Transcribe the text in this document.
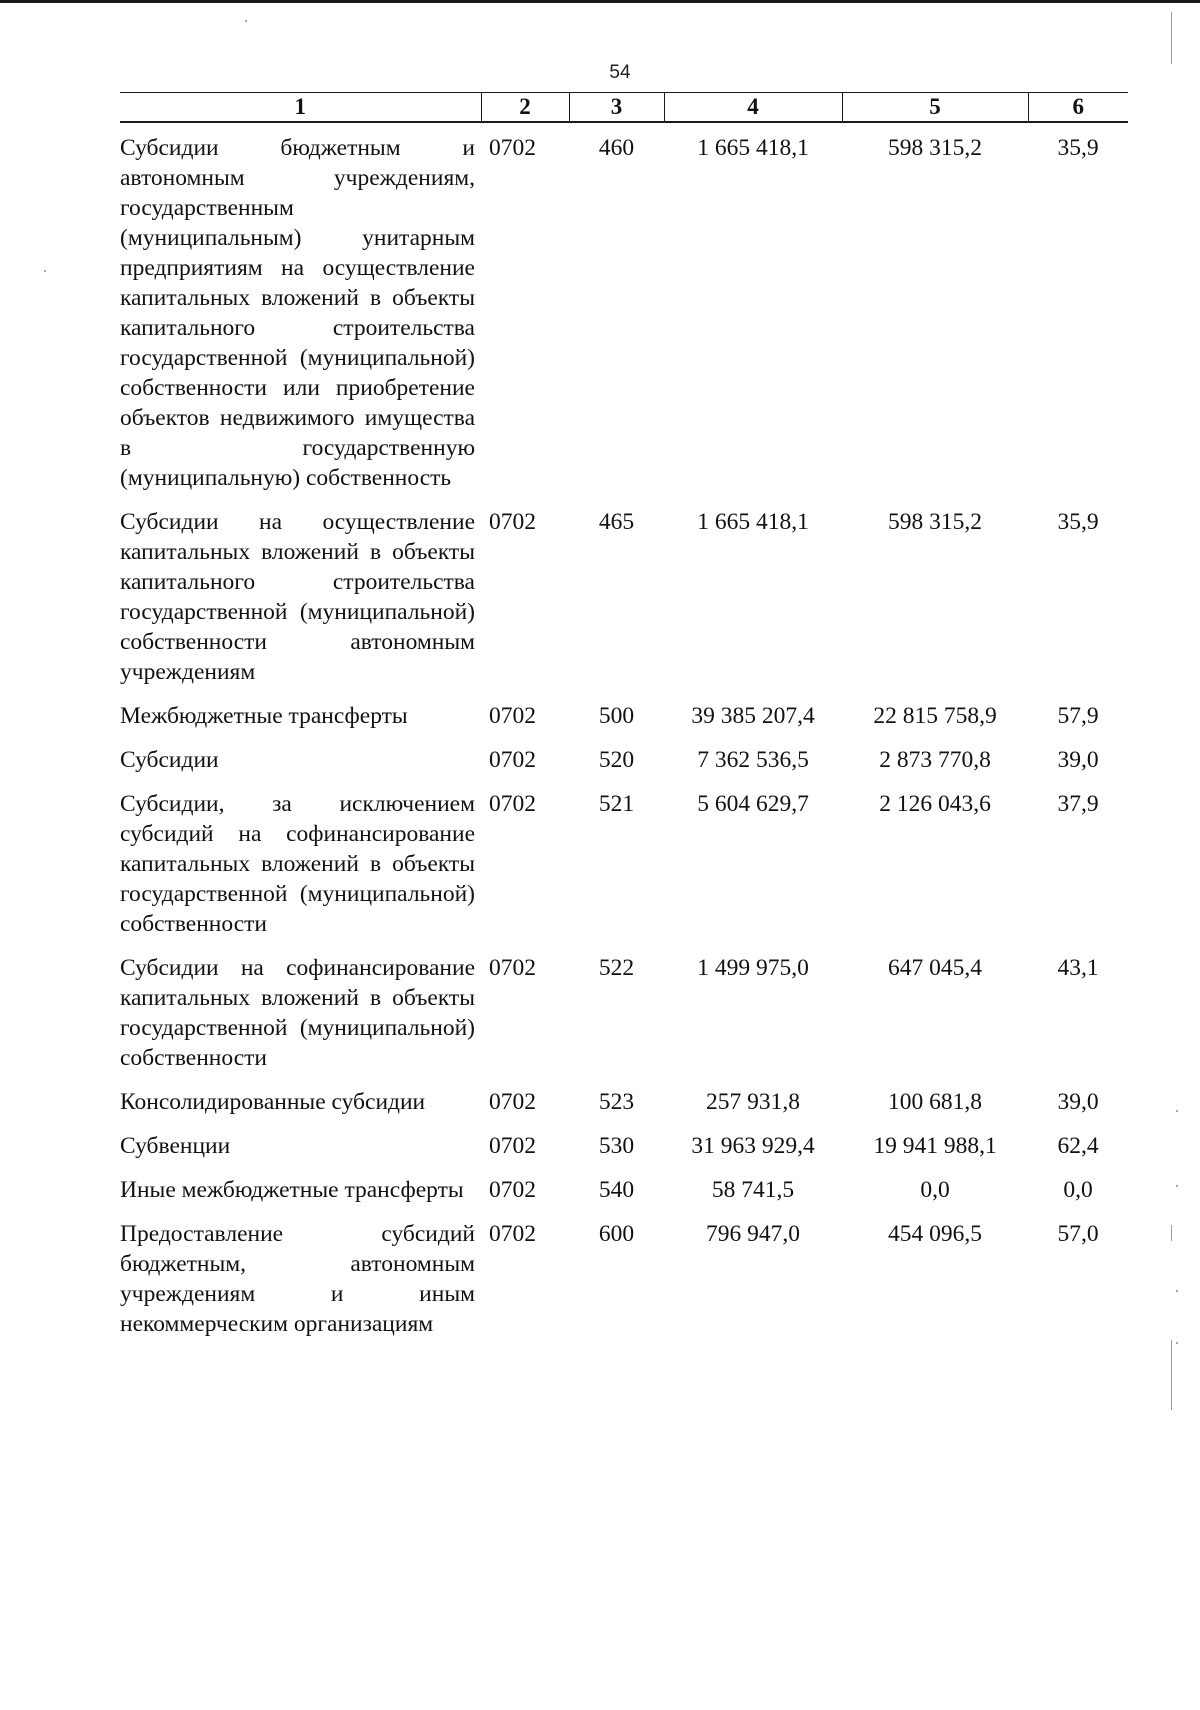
54
1	2	3	4	5	6
Субсидии бюджетным и автономным учреждениям, государственным (муниципальным) унитарным предприятиям на осуществление капитальных вложений в объекты капитального строительства государственной (муниципальной) собственности или приобретение объектов недвижимого имущества в государственную (муниципальную) собственность	0702	460	1 665 418,1	598 315,2	35,9

Субсидии на осуществление капитальных вложений в объекты капитального строительства государственной (муниципальной) собственности автономным учреждениям	0702	465	1 665 418,1	598 315,2	35,9

Межбюджетные трансферты	0702	500	39 385 207,4	22 815 758,9	57,9

Субсидии	0702	520	7 362 536,5	2 873 770,8	39,0

Субсидии, за исключением субсидий на софинансирование капитальных вложений в объекты государственной (муниципальной) собственности	0702	521	5 604 629,7	2 126 043,6	37,9

Субсидии на софинансирование капитальных вложений в объекты государственной (муниципальной) собственности	0702	522	1 499 975,0	647 045,4	43,1

Консолидированные субсидии	0702	523	257 931,8	100 681,8	39,0

Субвенции	0702	530	31 963 929,4	19 941 988,1	62,4

Иные межбюджетные трансферты	0702	540	58 741,5	0,0	0,0

Предоставление субсидий бюджетным, автономным учреждениям и иным некоммерческим организациям	0702	600	796 947,0	454 096,5	57,0
